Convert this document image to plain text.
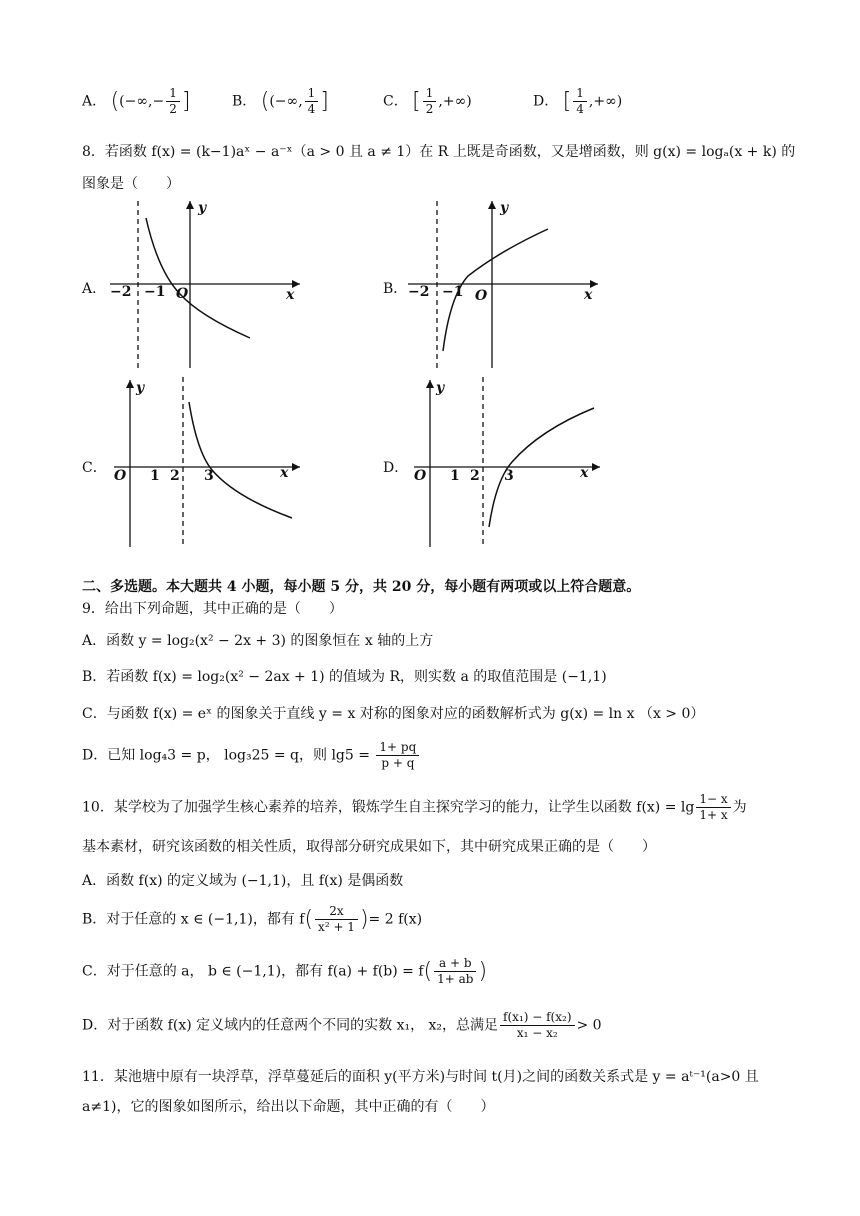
A． ((−∞,− $\frac{1}{2}$ ]	B． ((−∞, $\frac{1}{4}$ ]	C． [ $\frac{1}{2}$ ,+∞)	D． [ $\frac{1}{4}$ ,+∞)
8．若函数 f(x) = (k−1)aˣ − a⁻ˣ（a > 0 且 a ≠ 1）在 R 上既是奇函数，又是增函数，则 g(x) = logₐ(x + k) 的
图象是（　　）
A．
y
x
−2 −1 O	B．
y
x
−2 −1 O
C．
y
x
O 1 2 3	D．
y
x
O 1 2 3
二、多选题。本大题共 4 小题，每小题 5 分，共 20 分，每小题有两项或以上符合题意。
9．给出下列命题，其中正确的是（　　）
A．函数 y = log₂(x² − 2x + 3) 的图象恒在 x 轴的上方
B．若函数 f(x) = log₂(x² − 2ax + 1) 的值域为 R，则实数 a 的取值范围是 (−1,1)
C．与函数 f(x) = eˣ 的图象关于直线 y = x 对称的图象对应的函数解析式为 g(x) = ln x （x > 0）
D．已知 log₄3 = p， log₃25 = q，则 $\lg 5 = \frac{1+ pq}{p + q}$
10．某学校为了加强学生核心素养的培养，锻炼学生自主探究学习的能力，让学生以函数 $f(x) = \lg \frac{1- x}{1+ x}$ 为
基本素材，研究该函数的相关性质，取得部分研究成果如下，其中研究成果正确的是（　　）
A．函数 f(x) 的定义域为 (−1,1)，且 f(x) 是偶函数
B．对于任意的 x ∈ (−1,1)，都有 $f( \frac{2x}{\text{x² + 1}}$ )= 2 f(x)
C．对于任意的 a， b ∈ (−1,1)，都有 $f(a) + f(b) = f( \frac{a + b}{1+ ab}$ )
D．对于函数 f(x) 定义域内的任意两个不同的实数 x₁， x₂，总满足 $\frac{\text{f(x₁) − f(x₂)}}{\text{x₁ − x₂}} > 0$
11．某池塘中原有一块浮草，浮草蔓延后的面积 y(平方米)与时间 t(月)之间的函数关系式是 y = aᵗ⁻¹(a>0 且
a≠1)，它的图象如图所示，给出以下命题，其中正确的有（　　）
